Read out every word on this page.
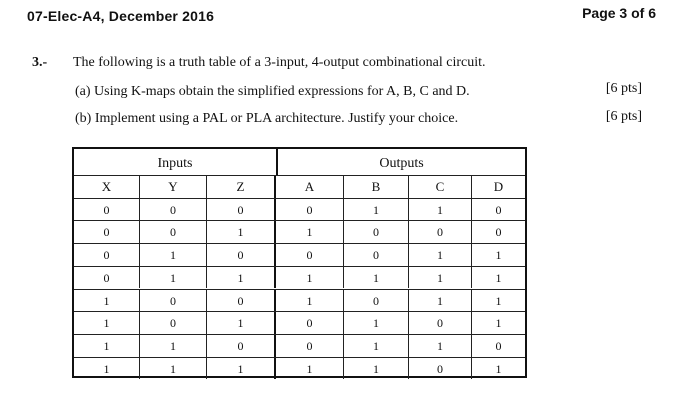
07-Elec-A4, December 2016	Page 3 of 6
3.- The following is a truth table of a 3-input, 4-output combinational circuit.
(a) Using K-maps obtain the simplified expressions for A, B, C and D.	[6 pts]
(b) Implement using a PAL or PLA architecture. Justify your choice.	[6 pts]
Inputs	Outputs
X	Y	Z	A	B	C	D
0	0	0	0	1	1	0
0	0	1	1	0	0	0
0	1	0	0	0	1	1
0	1	1	1	1	1	1
1	0	0	1	0	1	1
1	0	1	0	1	0	1
1	1	0	0	1	1	0
1	1	1	1	1	0	1
